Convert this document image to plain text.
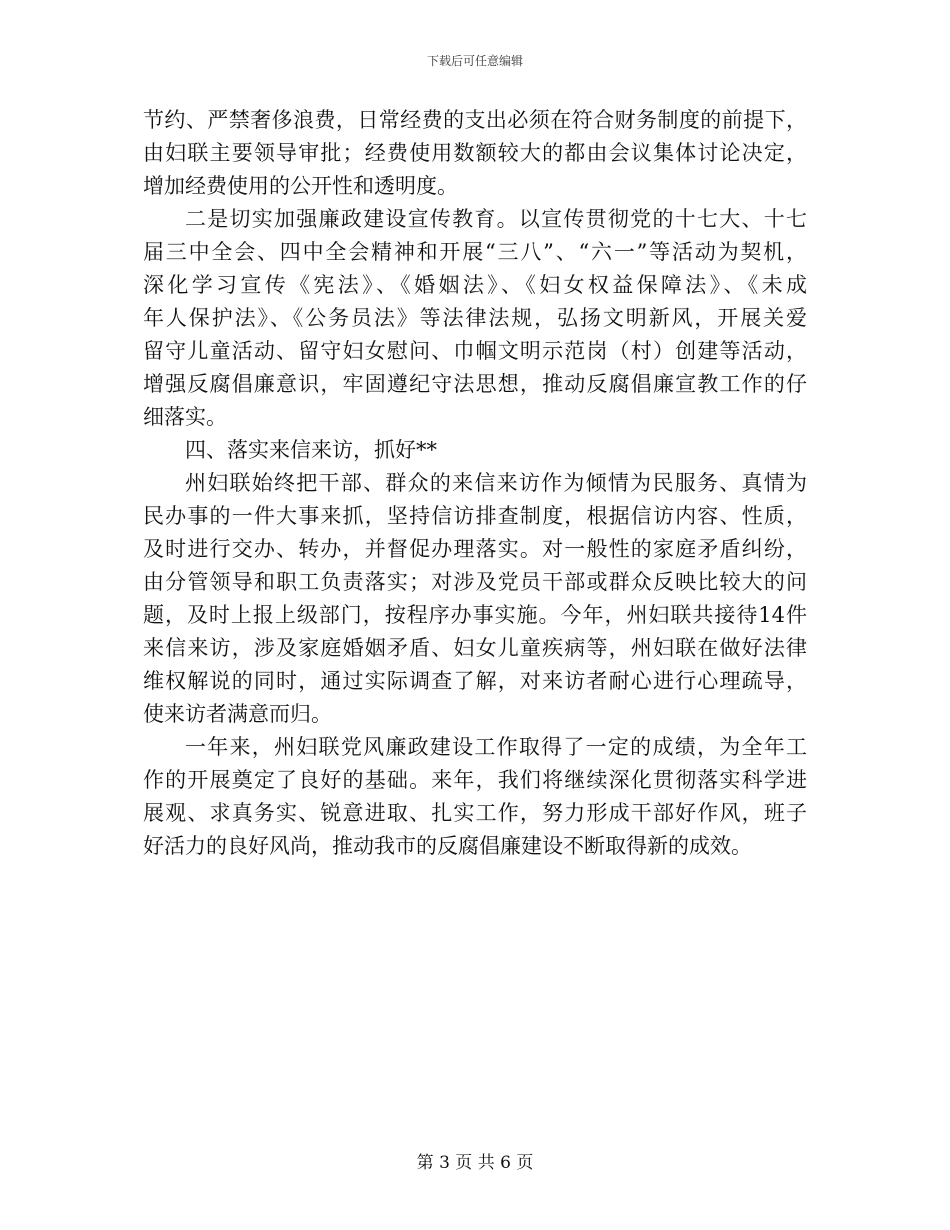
下载后可任意编辑
节约、严禁奢侈浪费，日常经费的支出必须在符合财务制度的前提下，
由妇联主要领导审批；经费使用数额较大的都由会议集体讨论决定，
增加经费使用的公开性和透明度。
二是切实加强廉政建设宣传教育。以宣传贯彻党的十七大、十七
届三中全会、四中全会精神和开展“三八”、“六一”等活动为契机，
深化学习宣传《宪法》、《婚姻法》、《妇女权益保障法》、《未成
年人保护法》、《公务员法》等法律法规，弘扬文明新风，开展关爱
留守儿童活动、留守妇女慰问、巾帼文明示范岗（村）创建等活动，
增强反腐倡廉意识，牢固遵纪守法思想，推动反腐倡廉宣教工作的仔
细落实。
四、落实来信来访，抓好**
州妇联始终把干部、群众的来信来访作为倾情为民服务、真情为
民办事的一件大事来抓，坚持信访排查制度，根据信访内容、性质，
及时进行交办、转办，并督促办理落实。对一般性的家庭矛盾纠纷，
由分管领导和职工负责落实；对涉及党员干部或群众反映比较大的问
题，及时上报上级部门，按程序办事实施。今年，州妇联共接待14件
来信来访，涉及家庭婚姻矛盾、妇女儿童疾病等，州妇联在做好法律
维权解说的同时，通过实际调查了解，对来访者耐心进行心理疏导，
使来访者满意而归。
一年来，州妇联党风廉政建设工作取得了一定的成绩，为全年工
作的开展奠定了良好的基础。来年，我们将继续深化贯彻落实科学进
展观、求真务实、锐意进取、扎实工作，努力形成干部好作风，班子
好活力的良好风尚，推动我市的反腐倡廉建设不断取得新的成效。
第 3 页 共 6 页
